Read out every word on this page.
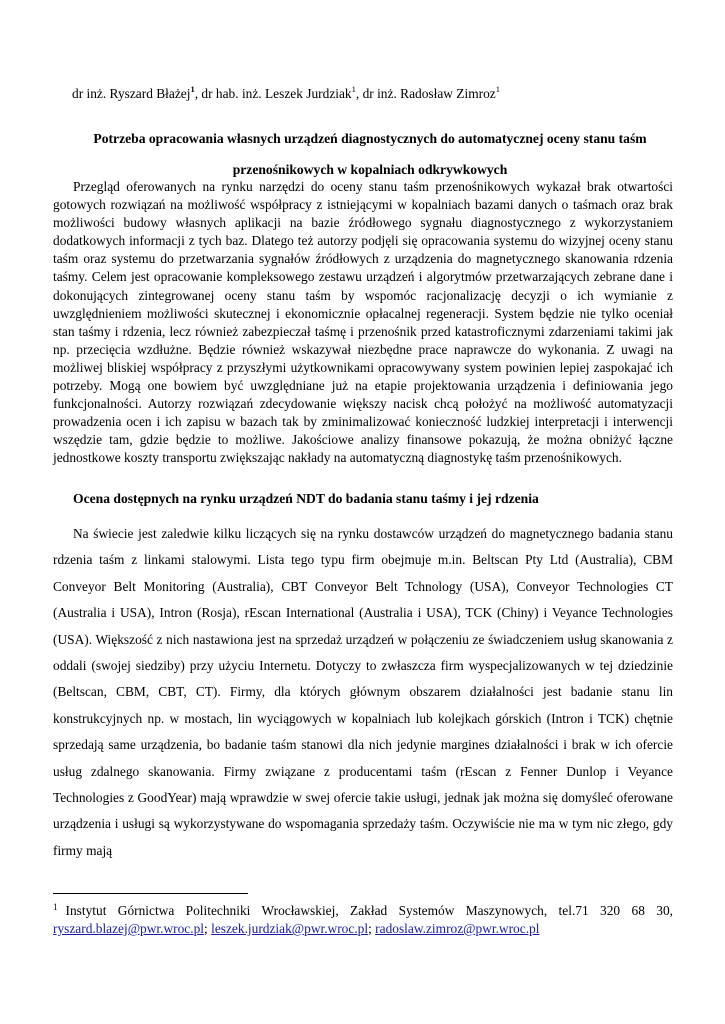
dr inż. Ryszard Błażej$^1$, dr hab. inż. Leszek Jurdziak$^1$, dr inż. Radosław Zimroz$^1$
Potrzeba opracowania własnych urządzeń diagnostycznych do automatycznej oceny stanu taśm przenośnikowych w kopalniach odkrywkowych

Przegląd oferowanych na rynku narzędzi do oceny stanu taśm przenośnikowych wykazał brak otwartości gotowych rozwiązań na możliwość współpracy z istniejącymi w kopalniach bazami danych o taśmach oraz brak możliwości budowy własnych aplikacji na bazie źródłowego sygnału diagnostycznego z wykorzystaniem dodatkowych informacji z tych baz. Dlatego też autorzy podjęli się opracowania systemu do wizyjnej oceny stanu taśm oraz systemu do przetwarzania sygnałów źródłowych z urządzenia do magnetycznego skanowania rdzenia taśmy. Celem jest opracowanie kompleksowego zestawu urządzeń i algorytmów przetwarzających zebrane dane i dokonujących zintegrowanej oceny stanu taśm by wspomóc racjonalizację decyzji o ich wymianie z uwzględnieniem możliwości skutecznej i ekonomicznie opłacalnej regeneracji. System będzie nie tylko oceniał stan taśmy i rdzenia, lecz również zabezpieczał taśmę i przenośnik przed katastroficznymi zdarzeniami takimi jak np. przecięcia wzdłużne. Będzie również wskazywał niezbędne prace naprawcze do wykonania. Z uwagi na możliwej bliskiej współpracy z przyszłymi użytkownikami opracowywany system powinien lepiej zaspokajać ich potrzeby. Mogą one bowiem być uwzględniane już na etapie projektowania urządzenia i definiowania jego funkcjonalności. Autorzy rozwiązań zdecydowanie większy nacisk chcą położyć na możliwość automatyzacji prowadzenia ocen i ich zapisu w bazach tak by zminimalizować konieczność ludzkiej interpretacji i interwencji wszędzie tam, gdzie będzie to możliwe. Jakościowe analizy finansowe pokazują, że można obniżyć łączne jednostkowe koszty transportu zwiększając nakłady na automatyczną diagnostykę taśm przenośnikowych.

Ocena dostępnych na rynku urządzeń NDT do badania stanu taśmy i jej rdzenia

Na świecie jest zaledwie kilku liczących się na rynku dostawców urządzeń do magnetycznego badania stanu rdzenia taśm z linkami stalowymi. Lista tego typu firm obejmuje m.in. Beltscan Pty Ltd (Australia), CBM Conveyor Belt Monitoring (Australia), CBT Conveyor Belt Tchnology (USA), Conveyor Technologies CT (Australia i USA), Intron (Rosja), rEscan International (Australia i USA), TCK (Chiny) i Veyance Technologies (USA). Większość z nich nastawiona jest na sprzedaż urządzeń w połączeniu ze świadczeniem usług skanowania z oddali (swojej siedziby) przy użyciu Internetu. Dotyczy to zwłaszcza firm wyspecjalizowanych w tej dziedzinie (Beltscan, CBM, CBT, CT). Firmy, dla których głównym obszarem działalności jest badanie stanu lin konstrukcyjnych np. w mostach, lin wyciągowych w kopalniach lub kolejkach górskich (Intron i TCK) chętnie sprzedają same urządzenia, bo badanie taśm stanowi dla nich jedynie margines działalności i brak w ich ofercie usług zdalnego skanowania. Firmy związane z producentami taśm (rEscan z Fenner Dunlop i Veyance Technologies z GoodYear) mają wprawdzie w swej ofercie takie usługi, jednak jak można się domyśleć oferowane urządzenia i usługi są wykorzystywane do wspomagania sprzedaży taśm. Oczywiście nie ma w tym nic złego, gdy firmy mają

$^1$ Instytut Górnictwa Politechniki Wrocławskiej, Zakład Systemów Maszynowych, tel.71 320 68 30, ryszard.blazej@pwr.wroc.pl; leszek.jurdziak@pwr.wroc.pl; radoslaw.zimroz@pwr.wroc.pl
